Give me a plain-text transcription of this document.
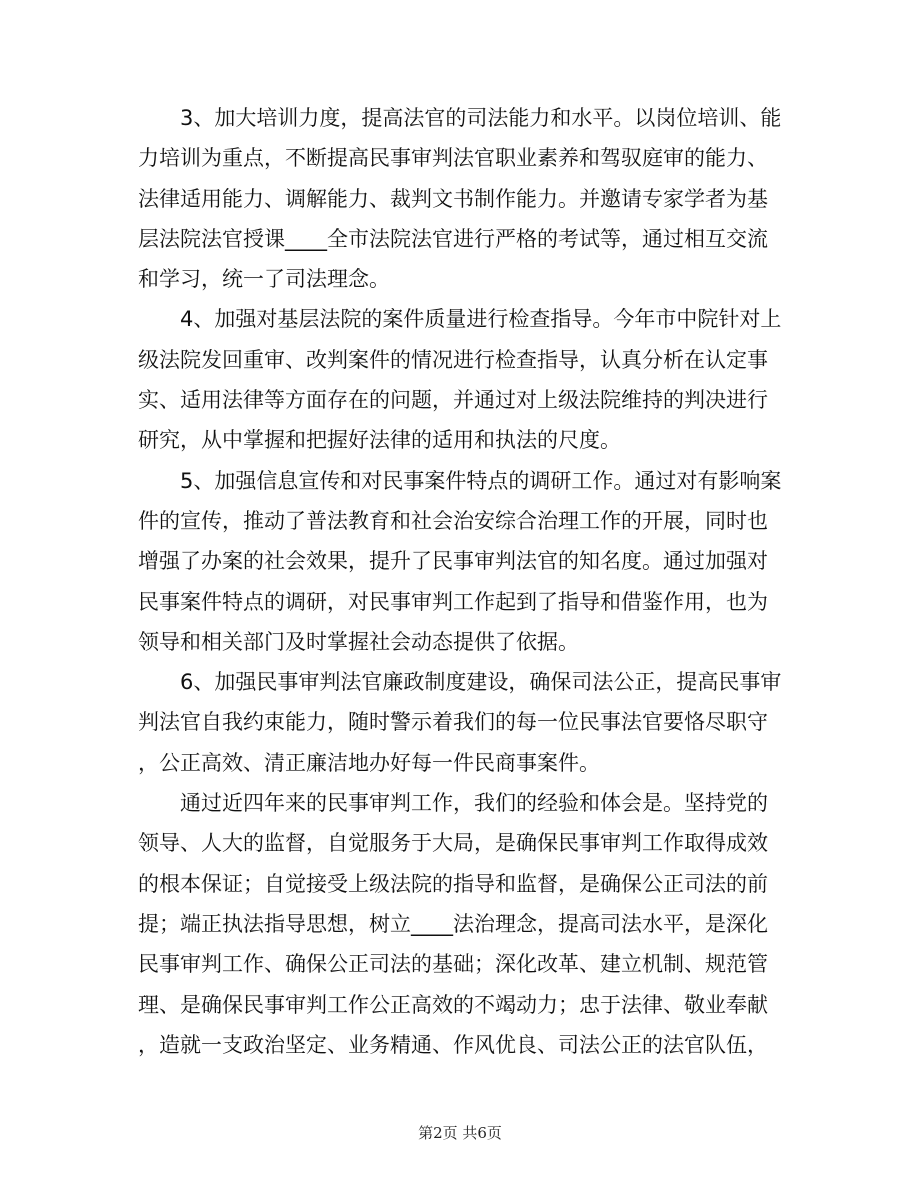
3、加大培训力度，提高法官的司法能力和水平。以岗位培训、能
力培训为重点，不断提高民事审判法官职业素养和驾驭庭审的能力、
法律适用能力、调解能力、裁判文书制作能力。并邀请专家学者为基
层法院法官授课____全市法院法官进行严格的考试等，通过相互交流
和学习，统一了司法理念。
4、加强对基层法院的案件质量进行检查指导。今年市中院针对上
级法院发回重审、改判案件的情况进行检查指导，认真分析在认定事
实、适用法律等方面存在的问题，并通过对上级法院维持的判决进行
研究，从中掌握和把握好法律的适用和执法的尺度。
5、加强信息宣传和对民事案件特点的调研工作。通过对有影响案
件的宣传，推动了普法教育和社会治安综合治理工作的开展，同时也
增强了办案的社会效果，提升了民事审判法官的知名度。通过加强对
民事案件特点的调研，对民事审判工作起到了指导和借鉴作用，也为
领导和相关部门及时掌握社会动态提供了依据。
6、加强民事审判法官廉政制度建设，确保司法公正，提高民事审
判法官自我约束能力，随时警示着我们的每一位民事法官要恪尽职守
，公正高效、清正廉洁地办好每一件民商事案件。
通过近四年来的民事审判工作，我们的经验和体会是。坚持党的
领导、人大的监督，自觉服务于大局，是确保民事审判工作取得成效
的根本保证；自觉接受上级法院的指导和监督，是确保公正司法的前
提；端正执法指导思想，树立____法治理念，提高司法水平，是深化
民事审判工作、确保公正司法的基础；深化改革、建立机制、规范管
理、是确保民事审判工作公正高效的不竭动力；忠于法律、敬业奉献
，造就一支政治坚定、业务精通、作风优良、司法公正的法官队伍，
第2页 共6页
